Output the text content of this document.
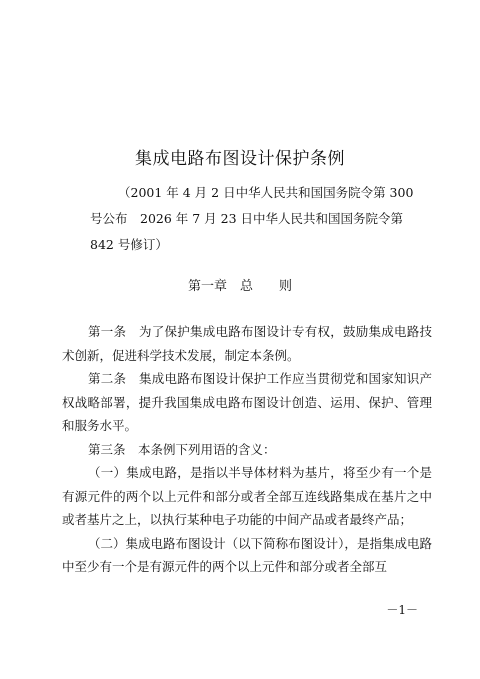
集成电路布图设计保护条例
（2001 年 4 月 2 日中华人民共和国国务院令第 300
号公布　2026 年 7 月 23 日中华人民共和国国务院令第
842 号修订）
第一章　总　　则

第一条　为了保护集成电路布图设计专有权，鼓励集成电路技术创新，促进科学技术发展，制定本条例。

第二条　集成电路布图设计保护工作应当贯彻党和国家知识产权战略部署，提升我国集成电路布图设计创造、运用、保护、管理和服务水平。

第三条　本条例下列用语的含义：

（一）集成电路，是指以半导体材料为基片，将至少有一个是有源元件的两个以上元件和部分或者全部互连线路集成在基片之中或者基片之上，以执行某种电子功能的中间产品或者最终产品；

（二）集成电路布图设计（以下简称布图设计），是指集成电路中至少有一个是有源元件的两个以上元件和部分或者全部互

－1－
